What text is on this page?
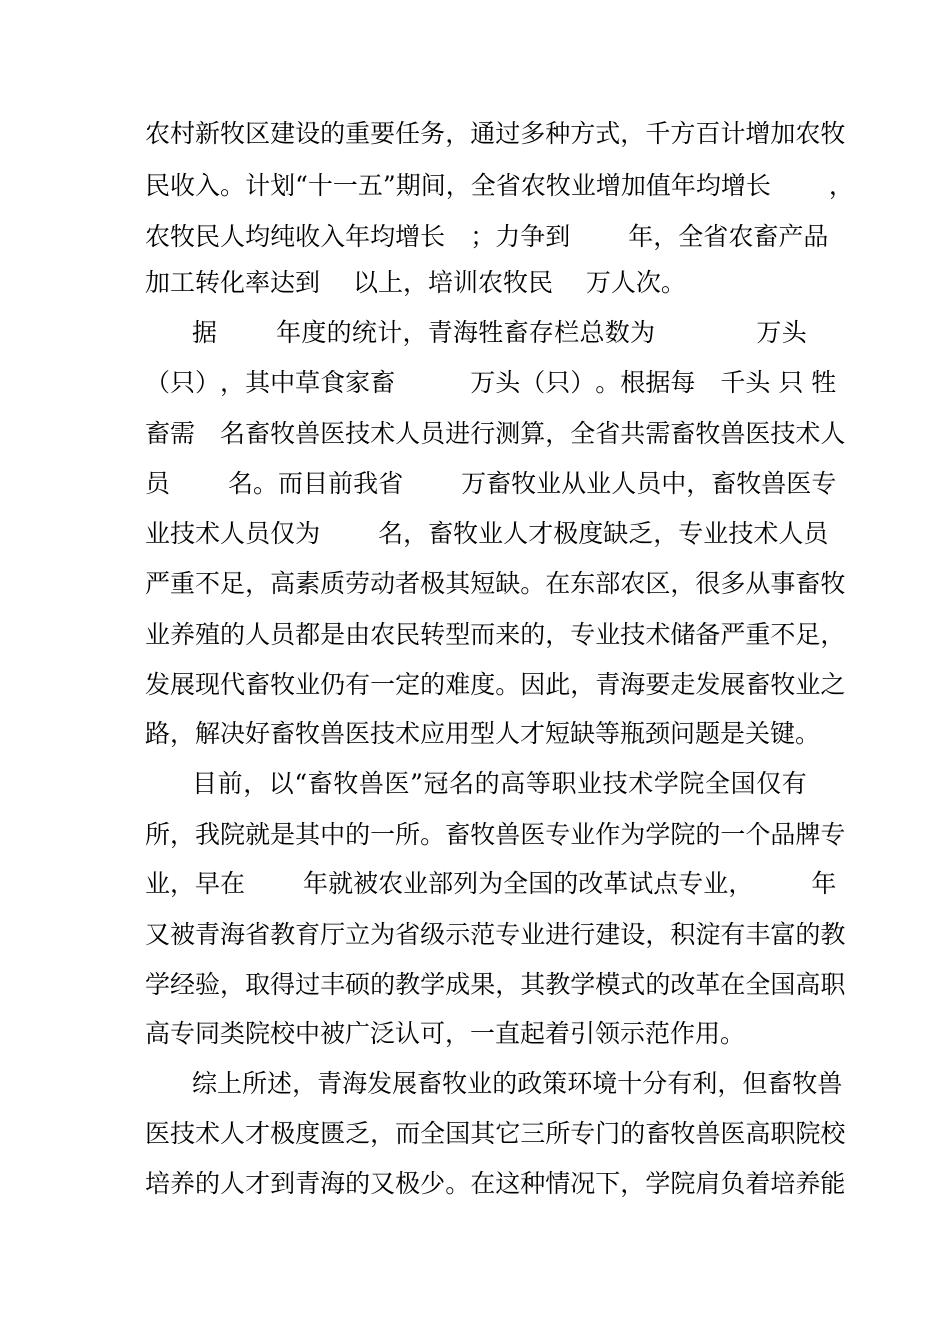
农 村 新 牧 区 建 设 的 重 要 任 务 ， 通 过 多 种 方 式 ， 千 方 百 计 增 加 农 牧
民 收 入 。 计 划 “ 十 一 五 ” 期 间 ， 全 省 农 牧 业 增 加 值 年 均 增 长

，
农 牧 民 人 均 纯 收 入 年 均 增 长
　 ； 力 争 到

年 ， 全 省 农 畜 产 品
加工转化率达到　 以上，培训农牧民　 万人次。
据

年 度 的 统 计 ， 青 海 牲 畜 存 栏 总 数 为

　	万 头
（ 只 ） ， 其 中 草 食 家 畜

　	万 头 （ 只 ） 。 根 据 每
　 千 头
只
牲
畜 需
　 名 畜 牧 兽 医 技 术 人 员 进 行 测 算 ， 全 省 共 需 畜 牧 兽 医 技 术 人
员

名 。 而 目 前 我 省

万 畜 牧 业 从 业 人 员 中 ， 畜 牧 兽 医 专
业 技 术 人 员 仅 为

名 ， 畜 牧 业 人 才 极 度 缺 乏 ， 专 业 技 术 人 员
严 重 不 足 ， 高 素 质 劳 动 者 极 其 短 缺 。 在 东 部 农 区 ， 很 多 从 事 畜 牧
业 养 殖 的 人 员 都 是 由 农 民 转 型 而 来 的 ， 专 业 技 术 储 备 严 重 不 足 ，
发 展 现 代 畜 牧 业 仍 有 一 定 的 难 度 。 因 此 ， 青 海 要 走 发 展 畜 牧 业 之
路，解决好畜牧兽医技术应用型人才短缺等瓶颈问题是关键。
目 前 ， 以 “ 畜 牧 兽 医 ” 冠 名 的 高 等 职 业 技 术 学 院 全 国 仅 有
所 ， 我 院 就 是 其 中 的 一 所 。 畜 牧 兽 医 专 业 作 为 学 院 的 一 个 品 牌 专
业 ， 早 在

年 就 被 农 业 部 列 为 全 国 的 改 革 试 点 专 业 ，

年
又 被 青 海 省 教 育 厅 立 为 省 级 示 范 专 业 进 行 建 设 ， 积 淀 有 丰 富 的 教
学 经 验 ， 取 得 过 丰 硕 的 教 学 成 果 ， 其 教 学 模 式 的 改 革 在 全 国 高 职
高专同类院校中被广泛认可，一直起着引领示范作用。
综 上 所 述 ， 青 海 发 展 畜 牧 业 的 政 策 环 境 十 分 有 利 ， 但 畜 牧 兽
医 技 术 人 才 极 度 匮 乏 ， 而 全 国 其 它 三 所 专 门 的 畜 牧 兽 医 高 职 院 校
培 养 的 人 才 到 青 海 的 又 极 少 。 在 这 种 情 况 下 ， 学 院 肩 负 着 培 养 能
